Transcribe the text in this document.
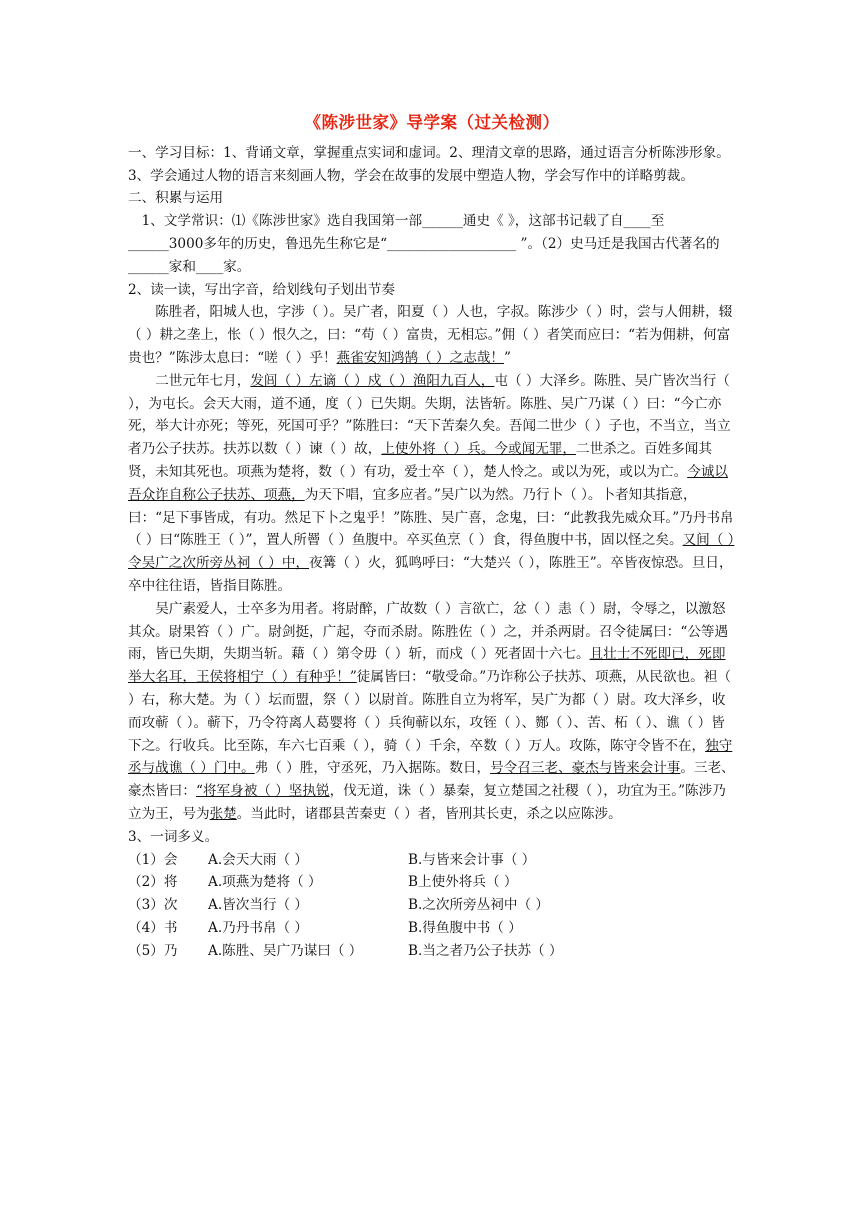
《陈涉世家》导学案（过关检测）

一、学习目标：1、背诵文章，掌握重点实词和虚词。2、理清文章的思路，通过语言分析陈涉形象。

3、学会通过人物的语言来刻画人物，学会在故事的发展中塑造人物，学会写作中的详略剪裁。

二、积累与运用

1、文学常识：⑴《陈涉世家》选自我国第一部______通史《 》，这部书记载了自____至______3000多年的历史，鲁迅先生称它是“___________________ ”。（2）史马迁是我国古代著名的______家和____家。

2、读一读，写出字音，给划线句子划出节奏

陈胜者，阳城人也，字涉（ ）。吴广者，阳夏（ ）人也，字叔。陈涉少（ ）时，尝与人佣耕，辍（ ）耕之垄上，怅（ ）恨久之，曰：“苟（ ）富贵，无相忘。”佣（ ）者笑而应曰：“若为佣耕，何富贵也？”陈涉太息曰：“嗟（ ）乎！燕雀安知鸿鹄（ ）之志哉！”

二世元年七月，发闾（ ）左谪（ ）戍（ ）渔阳九百人，屯（ ）大泽乡。陈胜、吴广皆次当行（ ），为屯长。会天大雨，道不通，度（ ）已失期。失期，法皆斩。陈胜、吴广乃谋（ ）曰：“今亡亦死，举大计亦死；等死，死国可乎？”陈胜曰：“天下苦秦久矣。吾闻二世少（ ）子也，不当立，当立者乃公子扶苏。扶苏以数（ ）谏（ ）故，上使外将（ ）兵。今或闻无罪，二世杀之。百姓多闻其贤，未知其死也。项燕为楚将，数（ ）有功，爱士卒（ ），楚人怜之。或以为死，或以为亡。今诚以吾众诈自称公子扶苏、项燕，为天下唱，宜多应者。”吴广以为然。乃行卜（ ）。卜者知其指意，曰：“足下事皆成，有功。然足下卜之鬼乎！”陈胜、吴广喜，念鬼，曰：“此教我先威众耳。”乃丹书帛（ ）曰“陈胜王（ ）”，置人所罾（ ）鱼腹中。卒买鱼烹（ ）食，得鱼腹中书，固以怪之矣。又间（ ）令吴广之次所旁丛祠（ ）中，夜篝（ ）火，狐鸣呼曰：“大楚兴（ ），陈胜王”。卒皆夜惊恐。旦日，卒中往往语，皆指目陈胜。

吴广素爱人，士卒多为用者。将尉醉，广故数（ ）言欲亡，忿（ ）恚（ ）尉，令辱之，以激怒其众。尉果笞（ ）广。尉剑挺，广起，夺而杀尉。陈胜佐（ ）之，并杀两尉。召令徒属曰：“公等遇雨，皆已失期，失期当斩。藉（ ）第令毋（ ）斩，而戍（ ）死者固十六七。且壮士不死即已，死即举大名耳，王侯将相宁（ ）有种乎！”徒属皆曰：“敬受命。”乃诈称公子扶苏、项燕，从民欲也。袒（ ）右，称大楚。为（ ）坛而盟，祭（ ）以尉首。陈胜自立为将军，吴广为都（ ）尉。攻大泽乡，收而攻蕲（ ）。蕲下，乃令符离人葛婴将（ ）兵徇蕲以东，攻铚（ ）、酂（ ）、苦、柘（ ）、谯（ ）皆下之。行收兵。比至陈，车六七百乘（ ），骑（ ）千余，卒数（ ）万人。攻陈，陈守令皆不在，独守丞与战谯（ ）门中。弗（ ）胜，守丞死，乃入据陈。数日，号令召三老、豪杰与皆来会计事。三老、豪杰皆曰：“将军身被（ ）坚执锐，伐无道，诛（ ）暴秦，复立楚国之社稷（ ），功宜为王。”陈涉乃立为王，号为张楚。当此时，诸郡县苦秦吏（ ）者，皆刑其长吏，杀之以应陈涉。

3、一词多义。

（1）会	A.会天大雨（ ）	B.与皆来会计事（ ）
（2）将	A.项燕为楚将（ ）	B上使外将兵（ ）
（3）次	A.皆次当行（ ）	B.之次所旁丛祠中（ ）
（4）书	A.乃丹书帛（ ）	B.得鱼腹中书（ ）
（5）乃	A.陈胜、吴广乃谋曰（ ）	B.当之者乃公子扶苏（ ）
